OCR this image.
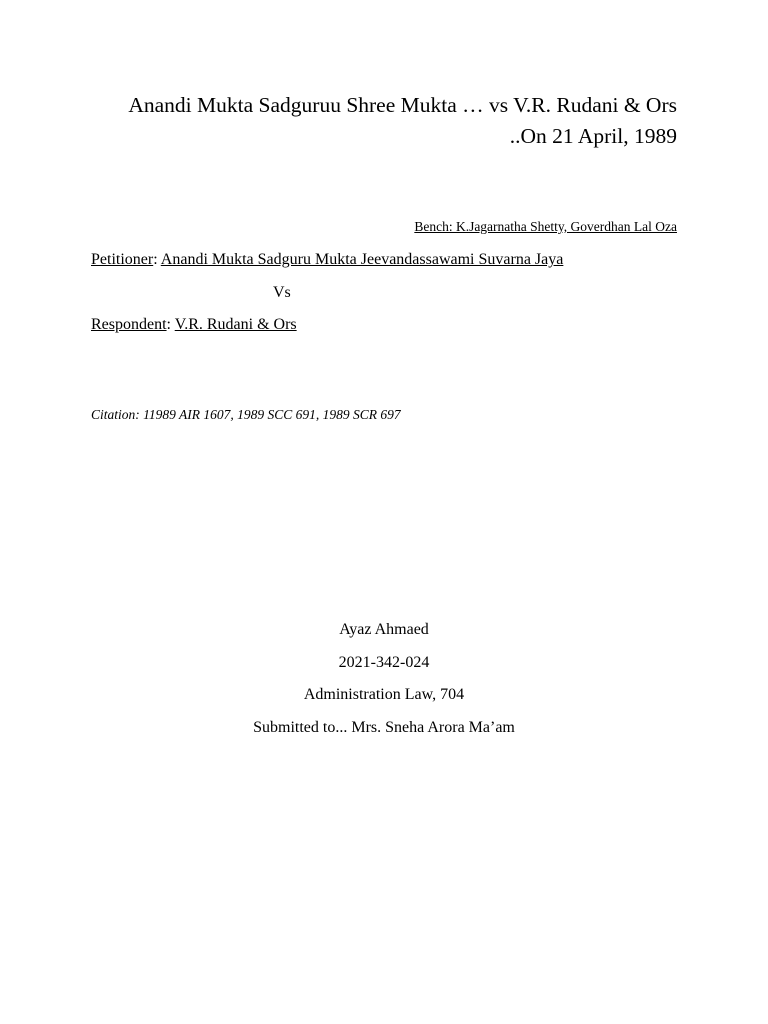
Anandi Mukta Sadguruu Shree Mukta … vs V.R. Rudani & Ors
..On 21 April, 1989
Bench: K.Jagarnatha Shetty, Goverdhan Lal Oza
Petitioner: Anandi Mukta Sadguru Mukta Jeevandassawami Suvarna Jaya
Vs
Respondent: V.R. Rudani & Ors
Citation: 11989 AIR 1607, 1989 SCC 691, 1989 SCR 697
Ayaz Ahmaed
2021-342-024
Administration Law, 704
Submitted to... Mrs. Sneha Arora Ma’am
